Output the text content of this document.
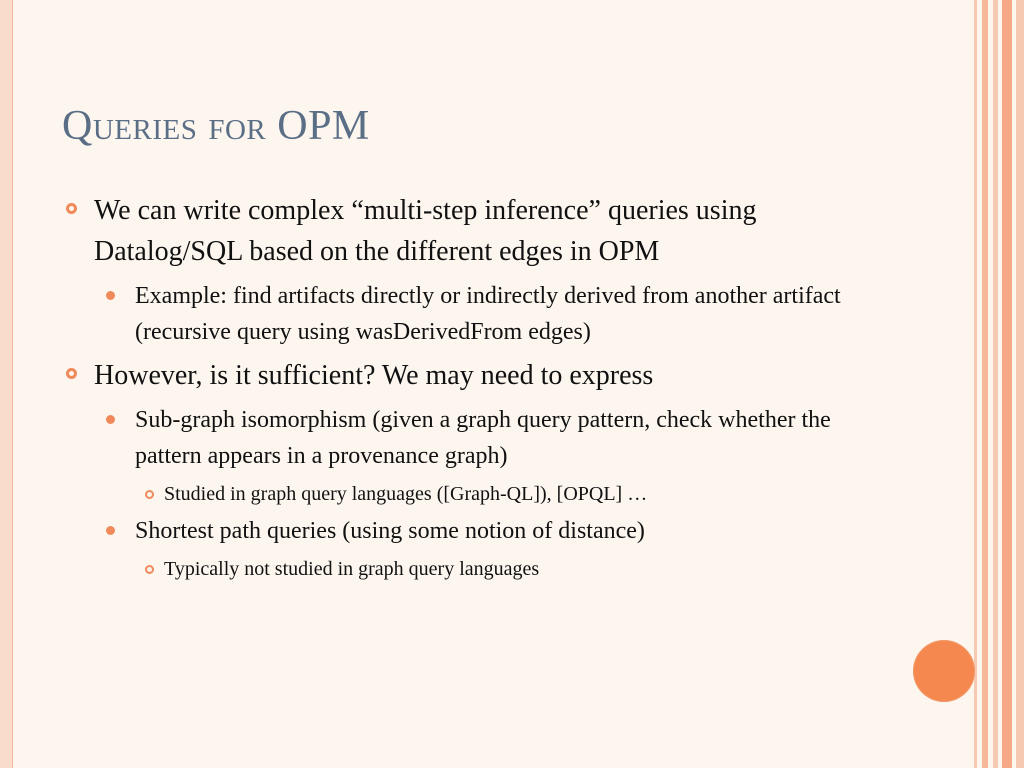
Queries for OPM
We can write complex “multi-step inference” queries using Datalog/SQL based on the different edges in OPM
Example: find artifacts directly or indirectly derived from another artifact (recursive query using wasDerivedFrom edges)
However, is it sufficient? We may need to express
Sub-graph isomorphism (given a graph query pattern, check whether the pattern appears in a provenance graph)
Studied in graph query languages ([Graph-QL]), [OPQL] …
Shortest path queries (using some notion of distance)
Typically not studied in graph query languages
